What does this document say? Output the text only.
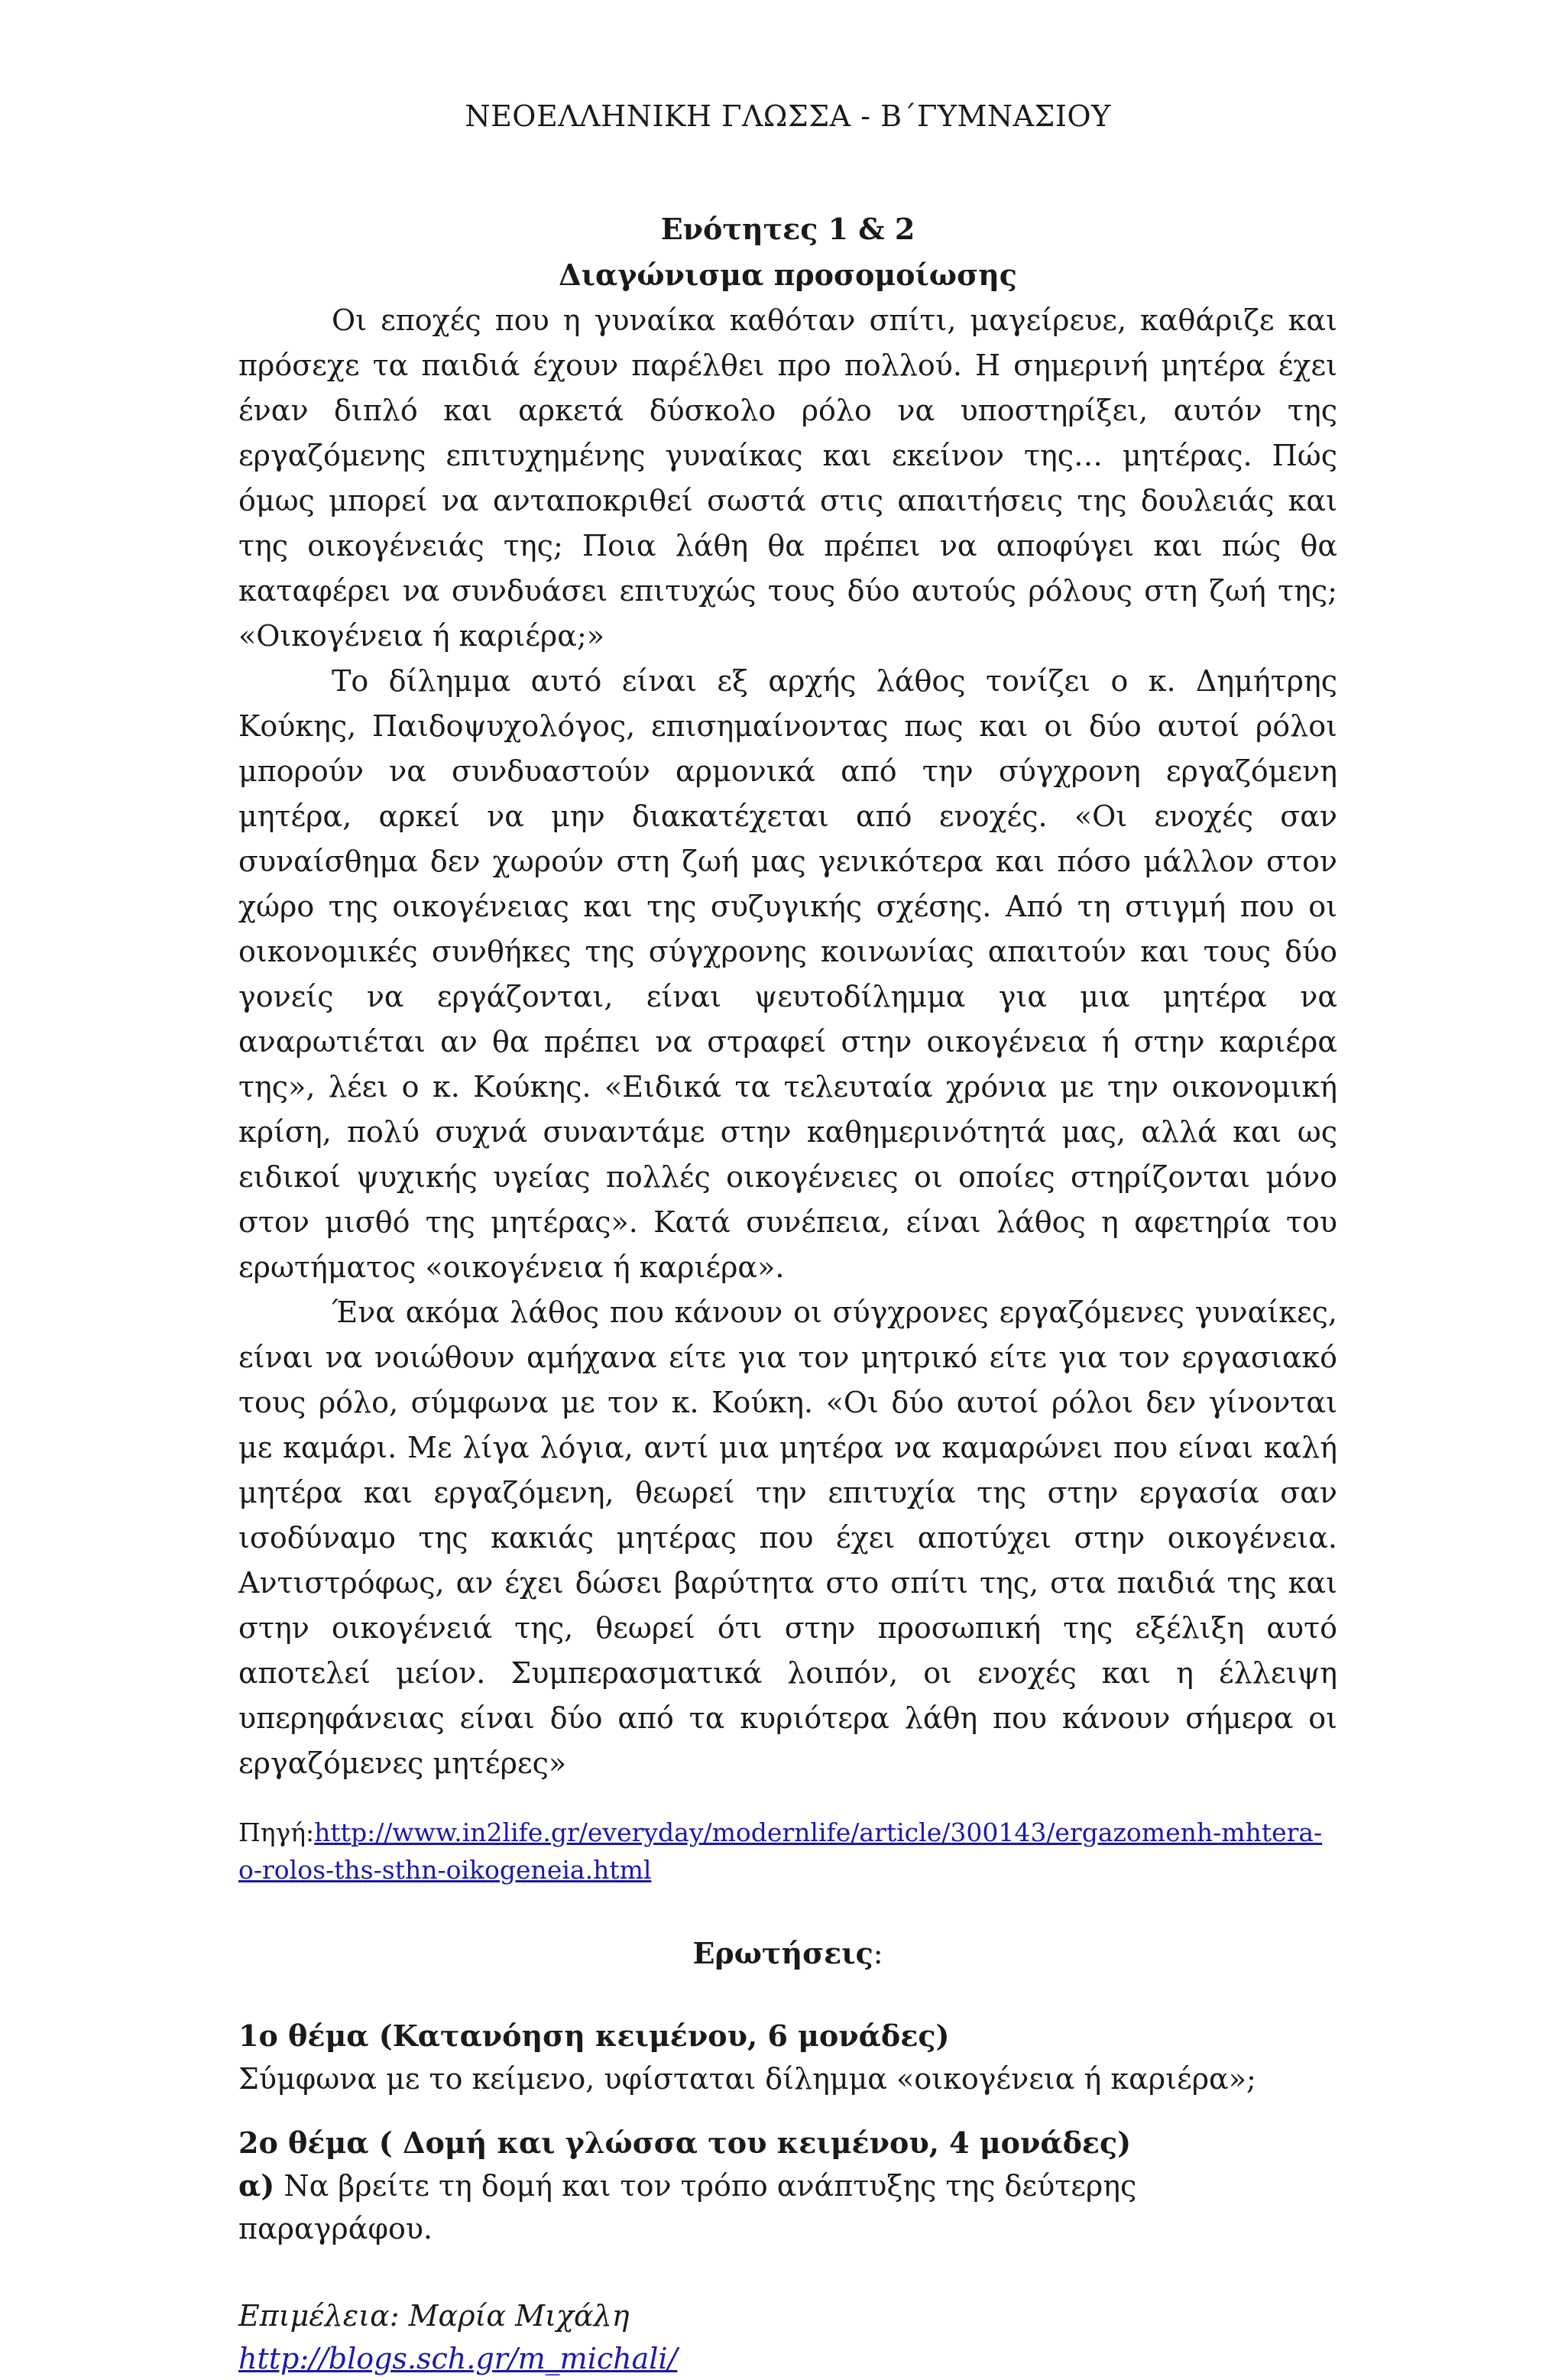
ΝΕΟΕΛΛΗΝΙΚΗ ΓΛΩΣΣΑ - Β΄ΓΥΜΝΑΣΙΟΥ
Ενότητες 1 & 2
Διαγώνισμα προσομοίωσης

Οι εποχές που η γυναίκα καθόταν σπίτι, μαγείρευε, καθάριζε και πρόσεχε τα παιδιά έχουν παρέλθει προ πολλού. Η σημερινή μητέρα έχει έναν διπλό και αρκετά δύσκολο ρόλο να υποστηρίξει, αυτόν της εργαζόμενης επιτυχημένης γυναίκας και εκείνον της… μητέρας. Πώς όμως μπορεί να ανταποκριθεί σωστά στις απαιτήσεις της δουλειάς και της οικογένειάς της; Ποια λάθη θα πρέπει να αποφύγει και πώς θα καταφέρει να συνδυάσει επιτυχώς τους δύο αυτούς ρόλους στη ζωή της; «Οικογένεια ή καριέρα;»

Το δίλημμα αυτό είναι εξ αρχής λάθος τονίζει ο κ. Δημήτρης Κούκης, Παιδοψυχολόγος, επισημαίνοντας πως και οι δύο αυτοί ρόλοι μπορούν να συνδυαστούν αρμονικά από την σύγχρονη εργαζόμενη μητέρα, αρκεί να μην διακατέχεται από ενοχές. «Οι ενοχές σαν συναίσθημα δεν χωρούν στη ζωή μας γενικότερα και πόσο μάλλον στον χώρο της οικογένειας και της συζυγικής σχέσης. Από τη στιγμή που οι οικονομικές συνθήκες της σύγχρονης κοινωνίας απαιτούν και τους δύο γονείς να εργάζονται, είναι ψευτοδίλημμα για μια μητέρα να αναρωτιέται αν θα πρέπει να στραφεί στην οικογένεια ή στην καριέρα της», λέει ο κ. Κούκης. «Ειδικά τα τελευταία χρόνια με την οικονομική κρίση, πολύ συχνά συναντάμε στην καθημερινότητά μας, αλλά και ως ειδικοί ψυχικής υγείας πολλές οικογένειες οι οποίες στηρίζονται μόνο στον μισθό της μητέρας». Κατά συνέπεια, είναι λάθος η αφετηρία του ερωτήματος «οικογένεια ή καριέρα».

Ένα ακόμα λάθος που κάνουν οι σύγχρονες εργαζόμενες γυναίκες, είναι να νοιώθουν αμήχανα είτε για τον μητρικό είτε για τον εργασιακό τους ρόλο, σύμφωνα με τον κ. Κούκη. «Οι δύο αυτοί ρόλοι δεν γίνονται με καμάρι. Με λίγα λόγια, αντί μια μητέρα να καμαρώνει που είναι καλή μητέρα και εργαζόμενη, θεωρεί την επιτυχία της στην εργασία σαν ισοδύναμο της κακιάς μητέρας που έχει αποτύχει στην οικογένεια. Αντιστρόφως, αν έχει δώσει βαρύτητα στο σπίτι της, στα παιδιά της και στην οικογένειά της, θεωρεί ότι στην προσωπική της εξέλιξη αυτό αποτελεί μείον. Συμπερασματικά λοιπόν, οι ενοχές και η έλλειψη υπερηφάνειας είναι δύο από τα κυριότερα λάθη που κάνουν σήμερα οι εργαζόμενες μητέρες»

Πηγή:http://www.in2life.gr/everyday/modernlife/article/300143/ergazomenh-mhtera-o-rolos-ths-sthn-oikogeneia.html
Ερωτήσεις:
1ο θέμα (Κατανόηση κειμένου, 6 μονάδες)
Σύμφωνα με το κείμενο, υφίσταται δίλημμα «οικογένεια ή καριέρα»;
2ο θέμα ( Δομή και γλώσσα του κειμένου, 4 μονάδες)
α) Να βρείτε τη δομή και τον τρόπο ανάπτυξης της δεύτερης παραγράφου.
Επιμέλεια: Μαρία Μιχάλη
http://blogs.sch.gr/m_michali/
